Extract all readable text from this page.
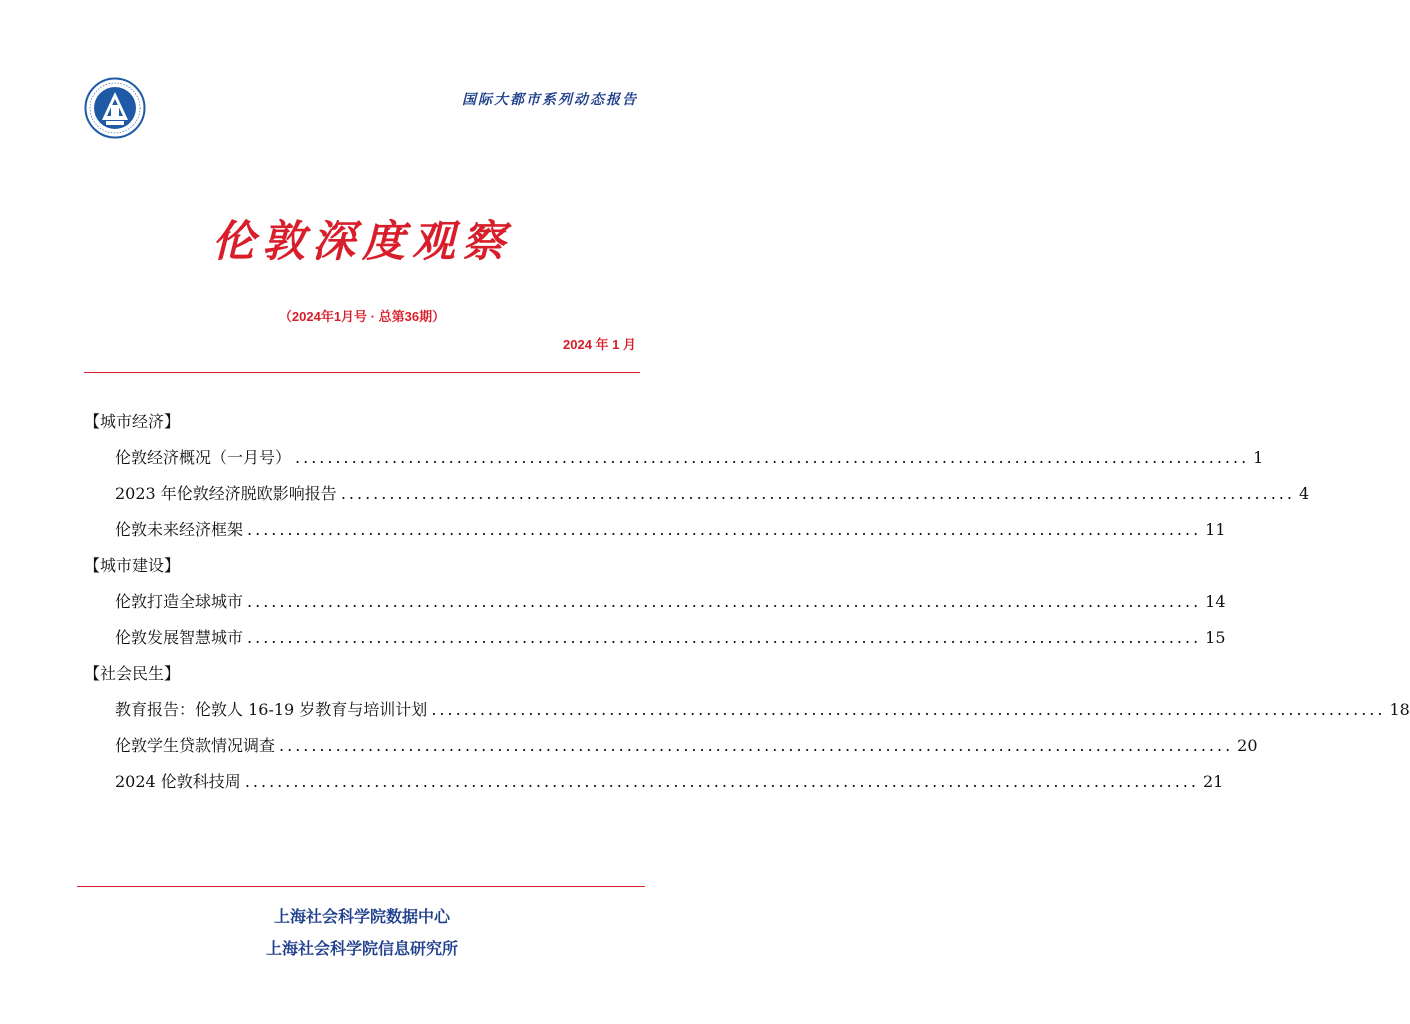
国际大都市系列动态报告
伦敦深度观察
（2024年1月号 · 总第36期）
2024 年 1 月
【城市经济】
伦敦经济概况（一月号） ...................................................................................................................... 1
2023 年伦敦经济脱欧影响报告 ...................................................................................................................... 4
伦敦未来经济框架 ...................................................................................................................... 11
【城市建设】
伦敦打造全球城市 ...................................................................................................................... 14
伦敦发展智慧城市 ...................................................................................................................... 15
【社会民生】
教育报告：伦敦人 16-19 岁教育与培训计划 ...................................................................................................................... 18
伦敦学生贷款情况调查 ...................................................................................................................... 20
2024 伦敦科技周 ...................................................................................................................... 21
上海社会科学院数据中心
上海社会科学院信息研究所
